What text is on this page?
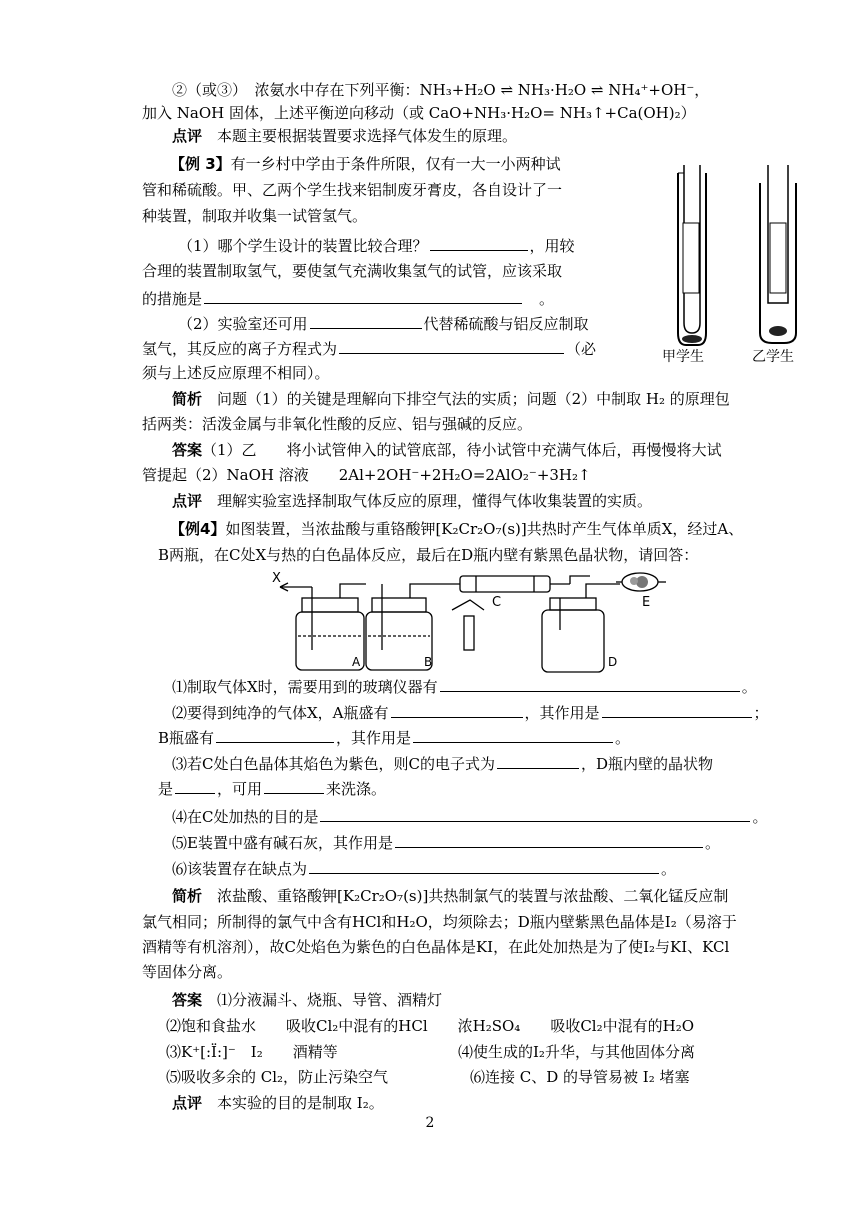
②（或③）　浓氨水中存在下列平衡：NH₃+H₂O ⇌ NH₃·H₂O ⇌ NH₄⁺+OH⁻，
加入 NaOH 固体，上述平衡逆向移动（或 CaO+NH₃·H₂O= NH₃↑+Ca(OH)₂）
点评　 本题主要根据装置要求选择气体发生的原理。
【例 3】有一乡村中学由于条件所限，仅有一大一小两种试
管和稀硫酸。甲、乙两个学生找来铝制废牙膏皮，各自设计了一
种装置，制取并收集一试管氢气。
（1）哪个学生设计的装置比较合理？	，用较
合理的装置制取氢气，要使氢气充满收集氢气的试管，应该采取
的措施是　	。
（2）实验室还可用	代替稀硫酸与铝反应制取
氢气，其反应的离子方程式为	（必
须与上述反应原理不相同）。
甲学生	乙学生
简析　 问题（1）的关键是理解向下排空气法的实质；问题（2）中制取 H₂ 的原理包
括两类：活泼金属与非氧化性酸的反应、铝与强碱的反应。
答案（1）乙　　将小试管伸入的试管底部，待小试管中充满气体后，再慢慢将大试
管提起（2）NaOH 溶液　　2Al+2OH⁻+2H₂O=2AlO₂⁻+3H₂↑
点评　 理解实验室选择制取气体反应的原理，懂得气体收集装置的实质。
【例4】如图装置，当浓盐酸与重铬酸钾[K₂Cr₂O₇(s)]共热时产生气体单质X，经过A、
B两瓶，在C处X与热的白色晶体反应，最后在D瓶内壁有紫黑色晶状物，请回答：
X
A	B
C
D
E
⑴制取气体X时，需要用到的玻璃仪器有	。
⑵要得到纯净的气体X，A瓶盛有	，其作用是	；
B瓶盛有	，其作用是	。
⑶若C处白色晶体其焰色为紫色，则C的电子式为	，D瓶内壁的晶状物
是	，可用	来洗涤。
⑷在C处加热的目的是	。
⑸E装置中盛有碱石灰，其作用是	。
⑹该装置存在缺点为	。
简析　 浓盐酸、重铬酸钾[K₂Cr₂O₇(s)]共热制氯气的装置与浓盐酸、二氧化锰反应制
氯气相同；所制得的氯气中含有HCl和H₂O，均须除去；D瓶内壁紫黑色晶体是I₂（易溶于
酒精等有机溶剂），故C处焰色为紫色的白色晶体是KI，在此处加热是为了使I₂与KI、KCl
等固体分离。
答案　 ⑴分液漏斗、烧瓶、导管、酒精灯
⑵饱和食盐水　　吸收Cl₂中混有的HCl　　浓H₂SO₄　　吸收Cl₂中混有的H₂O
⑶K⁺[:Ï:]⁻　I₂　　酒精等	⑷使生成的I₂升华，与其他固体分离
⑸吸收多余的 Cl₂，防止污染空气	⑹连接 C、D 的导管易被 I₂ 堵塞
点评　 本实验的目的是制取 I₂。
2
